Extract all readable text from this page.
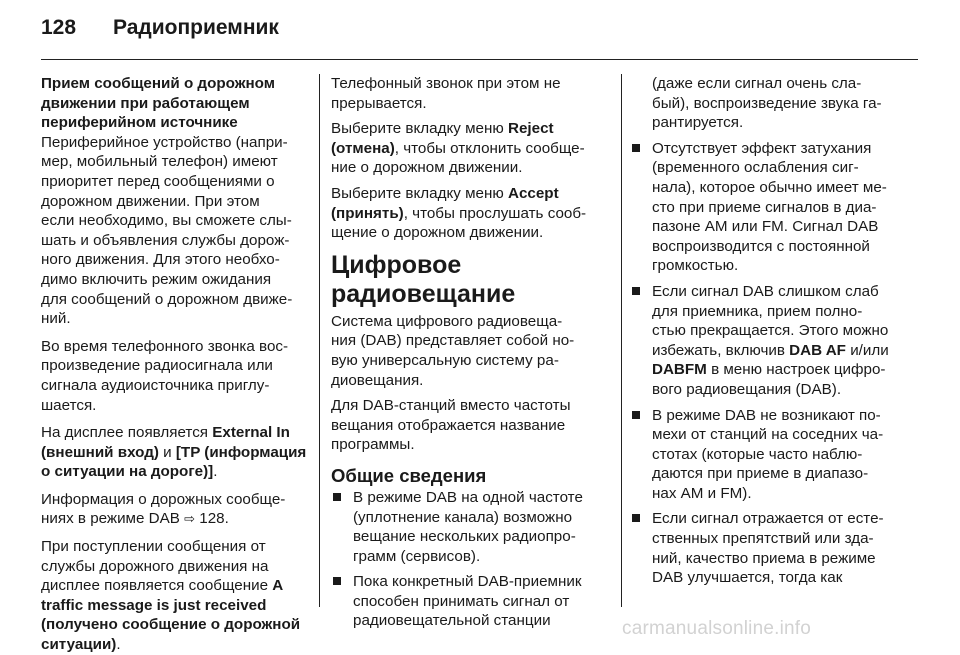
128 Радиоприемник
Прием сообщений о дорожном
движении при работающем
периферийном источнике
Периферийное устройство (напри-
мер, мобильный телефон) имеют
приоритет перед сообщениями о
дорожном движении. При этом
если необходимо, вы сможете слы-
шать и объявления службы дорож-
ного движения. Для этого необхо-
димо включить режим ожидания
для сообщений о дорожном движе-
ний.
Во время телефонного звонка вос-
произведение радиосигнала или
сигнала аудиоисточника приглу-
шается.
На дисплее появляется External In
(внешний вход) и [TP (информация
о ситуации на дороге)].
Информация о дорожных сообще-
ниях в режиме DAB ⇨ 128.
При поступлении сообщения от
службы дорожного движения на
дисплее появляется сообщение A
traffic message is just received
(получено сообщение о дорожной
ситуации).
Телефонный звонок при этом не
прерывается.
Выберите вкладку меню Reject
(отмена), чтобы отклонить сообще-
ние о дорожном движении.
Выберите вкладку меню Accept
(принять), чтобы прослушать сооб-
щение о дорожном движении.
Цифровое
радиовещание
Система цифрового радиовеща-
ния (DAB) представляет собой но-
вую универсальную систему ра-
диовещания.
Для DAB-станций вместо частоты
вещания отображается название
программы.
Общие сведения
В режиме DAB на одной частоте
(уплотнение канала) возможно
вещание нескольких радиопро-
грамм (сервисов).
Пока конкретный DAB-приемник
способен принимать сигнал от
радиовещательной станции
(даже если сигнал очень сла-
бый), воспроизведение звука га-
рантируется.
Отсутствует эффект затухания
(временного ослабления сиг-
нала), которое обычно имеет ме-
сто при приеме сигналов в диа-
пазоне AM или FM. Сигнал DAB
воспроизводится с постоянной
громкостью.
Если сигнал DAB слишком слаб
для приемника, прием полно-
стью прекращается. Этого можно
избежать, включив DAB AF и/или
DABFM в меню настроек цифро-
вого радиовещания (DAB).
В режиме DAB не возникают по-
мехи от станций на соседних ча-
стотах (которые часто наблю-
даются при приеме в диапазо-
нах AM и FM).
Если сигнал отражается от есте-
ственных препятствий или зда-
ний, качество приема в режиме
DAB улучшается, тогда как
carmanualsonline.info
